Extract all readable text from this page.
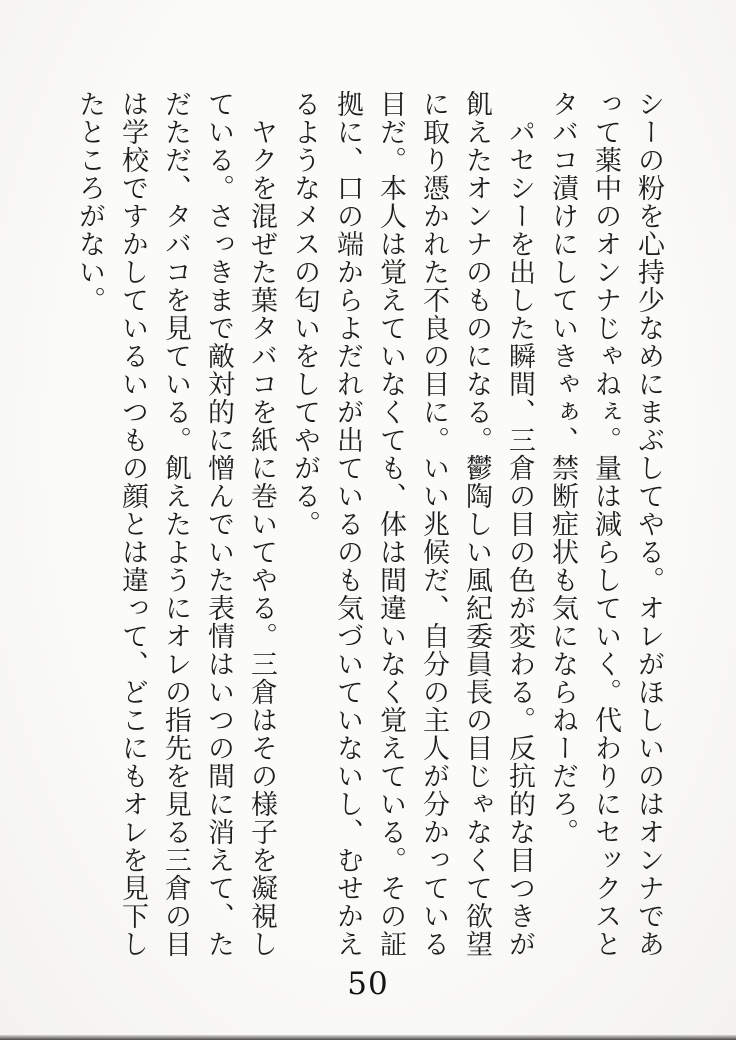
シーの粉を心持少なめにまぶしてやる。オレがほしいのはオンナであ
って薬中のオンナじゃねぇ。量は減らしていく。代わりにセックスと
タバコ漬けにしていきゃぁ、禁断症状も気にならねーだろ。
　パセシーを出した瞬間、三倉の目の色が変わる。反抗的な目つきが
飢えたオンナのものになる。鬱陶しい風紀委員長の目じゃなくて欲望
に取り憑かれた不良の目に。いい兆候だ、自分の主人が分かっている
目だ。本人は覚えていなくても、体は間違いなく覚えている。その証
拠に、口の端からよだれが出ているのも気づいていないし、むせかえ
るようなメスの匂いをしてやがる。
　ヤクを混ぜた葉タバコを紙に巻いてやる。三倉はその様子を凝視し
ている。さっきまで敵対的に憎んでいた表情はいつの間に消えて、た
だただ、タバコを見ている。飢えたようにオレの指先を見る三倉の目
は学校ですかしているいつもの顔とは違って、どこにもオレを見下し
たところがない。
50
